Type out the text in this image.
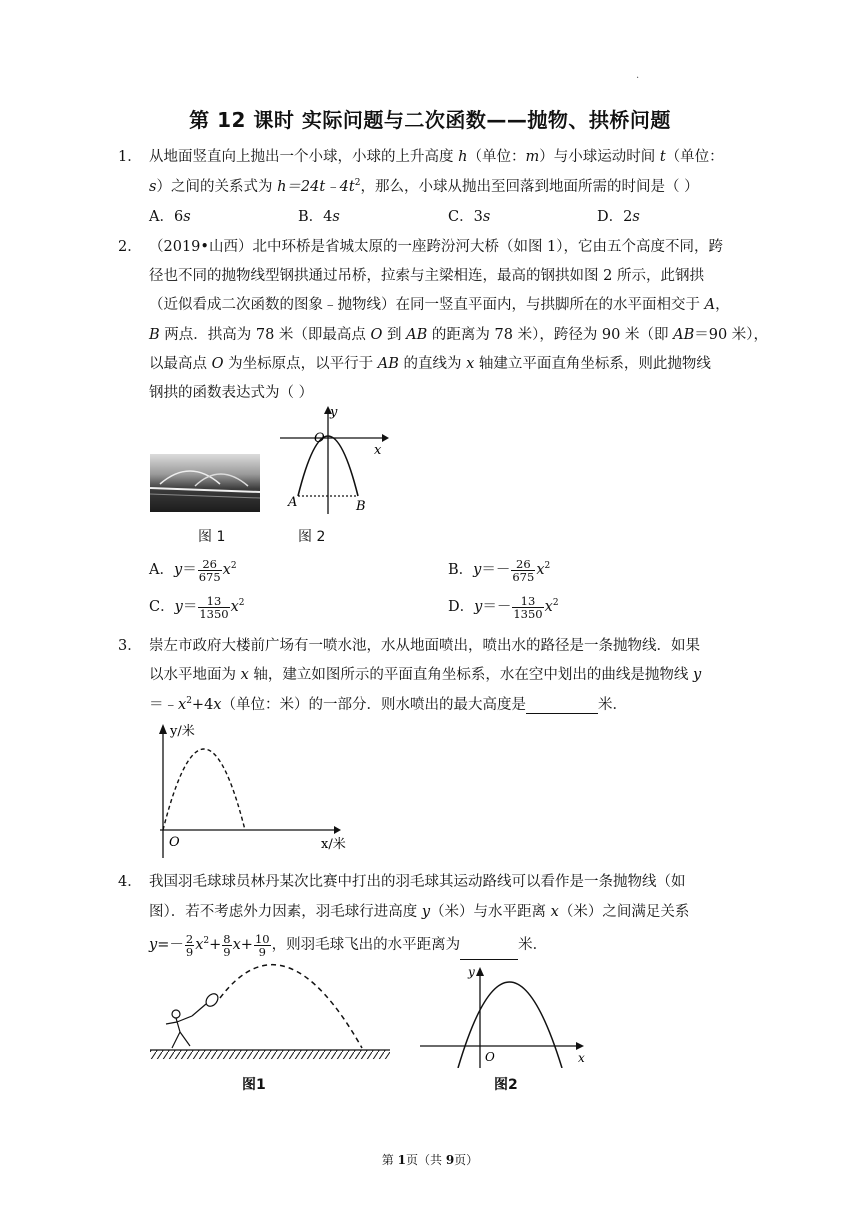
.
第 12 课时 实际问题与二次函数——抛物、拱桥问题
1． 从地面竖直向上抛出一个小球，小球的上升高度 h（单位：m）与小球运动时间 t（单位：
s）之间的关系式为 $h=24t﹣4t^2$，那么，小球从抛出至回落到地面所需的时间是（ ）
A．6s	B．4s	C．3s	D．2s
2． （2019•山西）北中环桥是省城太原的一座跨汾河大桥（如图 1），它由五个高度不同，跨
径也不同的抛物线型钢拱通过吊桥，拉索与主梁相连，最高的钢拱如图 2 所示，此钢拱
（近似看成二次函数的图象﹣抛物线）在同一竖直平面内，与拱脚所在的水平面相交于 A，
B 两点．拱高为 78 米（即最高点 O 到 AB 的距离为 78 米），跨径为 90 米（即 AB＝90 米），
以最高点 O 为坐标原点，以平行于 AB 的直线为 x 轴建立平面直角坐标系，则此抛物线
钢拱的函数表达式为（ ）
y
O
x
A	B
图 1	图 2
A．$y= \frac{26}{675} x^2$	B．$y=- \frac{26}{675} x^2$
C．$y= \frac{13}{1350} x^2$	D．$y=- \frac{13}{1350} x^2$
3． 崇左市政府大楼前广场有一喷水池，水从地面喷出，喷出水的路径是一条抛物线．如果
以水平地面为 x 轴，建立如图所示的平面直角坐标系，水在空中划出的曲线是抛物线 y
$=﹣x^2+4x$（单位：米）的一部分．则水喷出的最大高度是	米．
y/米
O	x/米
4． 我国羽毛球球员林丹某次比赛中打出的羽毛球其运动路线可以看作是一条抛物线（如
图）．若不考虑外力因素，羽毛球行进高度 y（米）与水平距离 x（米）之间满足关系
$y=- \frac{2}{9} x^2+ \frac{8}{9} x+ \frac{10}{9}$ ，则羽毛球飞出的水平距离为	米．
图1
y
O	x
图2
第 1页（共 9页）
